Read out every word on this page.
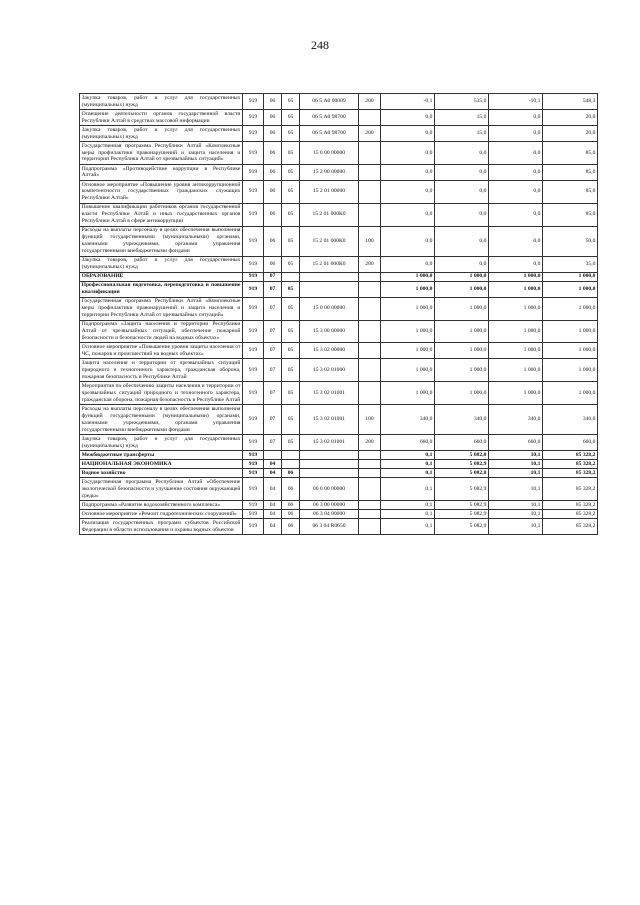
248
Закупка товаров, работ и услуг для государственных (муниципальных) нужд	919	06	05	06 5 А0 00009	200	-0,1	535,0	-10,1	548,3
Освещение деятельности органов государственной власти Республики Алтай в средствах массовой информации	919	06	05	06 5 А0 98700		0,0	15,0	0,0	20,0
Закупка товаров, работ и услуг для государственных (муниципальных) нужд	919	06	05	06 5 А0 98700	200	0,0	15,0	0,0	20,0
Государственная программа Республики Алтай «Комплексные меры профилактики правонарушений и защита населения и территории Республики Алтай от чрезвычайных ситуаций»	919	06	05	15 0 00 00000		0,0	0,0	0,0	85,0
Подпрограмма «Противодействие коррупции в Республике Алтай»	919	06	05	15 2 00 00000		0,0	0,0	0,0	85,0
Основное мероприятие «Повышение уровня антикоррупционной компетентности государственных гражданских служащих Республики Алтай»	919	06	05	15 2 01 00000		0,0	0,0	0,0	85,0
Повышение квалификации работников органов государственной власти Республики Алтай и иных государственных органов Республики Алтай в сфере антикоррупции	919	06	05	15 2 01 000К0		0,0	0,0	0,0	85,0
Расходы на выплаты персоналу в целях обеспечения выполнения функций государственными (муниципальными) органами, казенными учреждениями, органами управления государственными внебюджетными фондами	919	06	05	15 2 01 000К0	100	0,0	0,0	0,0	50,0
Закупка товаров, работ и услуг для государственных (муниципальных) нужд	919	06	05	15 2 01 000К0	200	0,0	0,0	0,0	35,0
ОБРАЗОВАНИЕ	919	07				1 000,0	1 000,0	1 000,0	1 000,0
Профессиональная подготовка, переподготовка и повышение квалификации	919	07	05			1 000,0	1 000,0	1 000,0	1 000,0
Государственная программа Республики Алтай «Комплексные меры профилактики правонарушений и защита населения и территории Республики Алтай от чрезвычайных ситуаций»	919	07	05	15 0 00 00000		1 000,0	1 000,0	1 000,0	1 000,0
Подпрограмма «Защита населения и территории Республики Алтай от чрезвычайных ситуаций, обеспечение пожарной безопасности и безопасности людей на водных объектах»	919	07	05	15 3 00 00000		1 000,0	1 000,0	1 000,0	1 000,0
Основное мероприятие «Повышение уровня защиты населения от ЧС, пожаров и происшествий на водных объектах»	919	07	05	15 3 02 00000		1 000,0	1 000,0	1 000,0	1 000,0
Защита населения и территории от чрезвычайных ситуаций природного и техногенного характера, гражданская оборона, пожарная безопасность в Республике Алтай	919	07	05	15 3 02 01000		1 000,0	1 000,0	1 000,0	1 000,0
Мероприятия по обеспечению защиты населения и территории от чрезвычайных ситуаций природного и техногенного характера, гражданская оборона, пожарная безопасность в Республике Алтай	919	07	05	15 3 02 01001		1 000,0	1 000,0	1 000,0	1 000,0
Расходы на выплаты персоналу в целях обеспечения выполнения функций государственными (муниципальными) органами, казенными учреждениями, органами управления государственными внебюджетными фондами	919	07	05	15 3 02 01001	100	340,0	340,0	340,0	340,0
Закупка товаров, работ и услуг для государственных (муниципальных) нужд	919	07	05	15 3 02 01001	200	660,0	660,0	660,0	660,0
Межбюджетные трансферты	919					0,1	5 082,0	10,1	85 328,2
НАЦИОНАЛЬНАЯ ЭКОНОМИКА	919	04				0,1	5 082,9	10,1	85 328,2
Водное хозяйство	919	04	06			0,1	5 082,0	10,1	85 328,2
Государственная программа Республики Алтай «Обеспечение экологической безопасности и улучшение состояния окружающей среды»	919	04	06	06 0 00 00000		0,1	5 082,9	10,1	85 328,2
Подпрограмма «Развитие водохозяйственного комплекса»	919	04	06	06 3 00 00000		0,1	5 082,9	10,1	85 328,2
Основное мероприятие «Ремонт гидротехнических сооружений»	919	04	06	06 3 04 00000		0,1	5 082,9	10,1	85 328,2
Реализация государственных программ субъектов Российской Федерации в области использования и охраны водных объектов	919	04	06	06 3 04 R0650		0,1	5 082,9	10,1	85 328,2
